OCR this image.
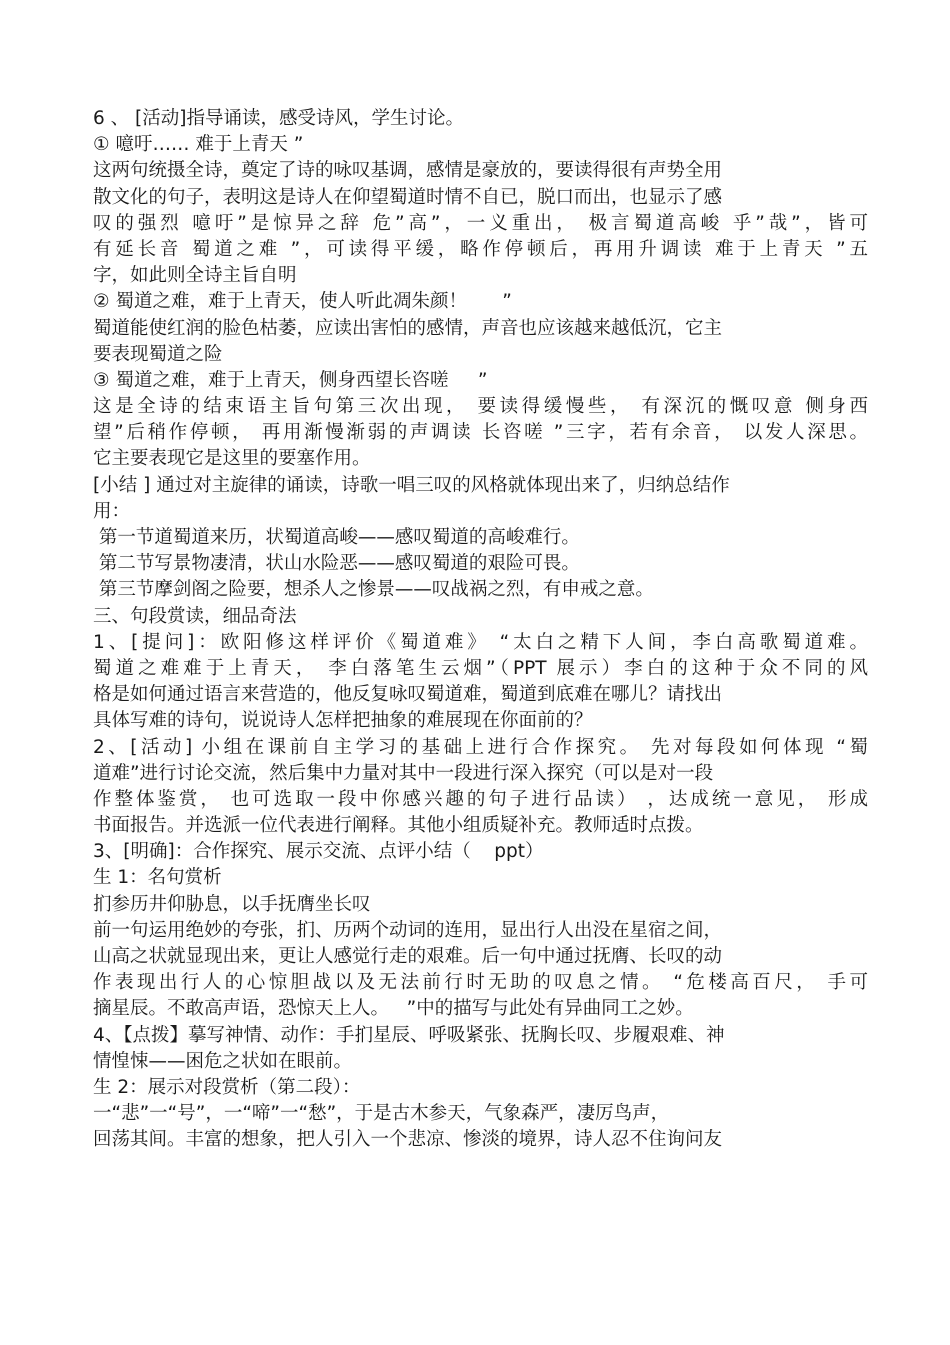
6 、 [活动]指导诵读，感受诗风，学生讨论。
① 噫吁…… 难于上青天 ”
这两句统摄全诗，奠定了诗的咏叹基调，感情是豪放的，要读得很有声势全用
散文化的句子，表明这是诗人在仰望蜀道时情不自已，脱口而出，也显示了感
叹的强烈 噫吁”是惊异之辞 危”高”，一义重出， 极言蜀道高峻 乎”哉”，皆可
有延长音 蜀道之难 ”，可读得平缓，略作停顿后，再用升调读 难于上青天 ”五
字，如此则全诗主旨自明
② 蜀道之难，难于上青天，使人听此凋朱颜！      ”
蜀道能使红润的脸色枯萎，应读出害怕的感情，声音也应该越来越低沉，它主
要表现蜀道之险
③ 蜀道之难，难于上青天，侧身西望长咨嗟     ”
这是全诗的结束语主旨句第三次出现， 要读得缓慢些， 有深沉的慨叹意 侧身西
望”后稍作停顿， 再用渐慢渐弱的声调读 长咨嗟 ”三字，若有余音， 以发人深思。
它主要表现它是这里的要塞作用。
[小结 ] 通过对主旋律的诵读，诗歌一唱三叹的风格就体现出来了，归纳总结作
用：
第一节道蜀道来历，状蜀道高峻——感叹蜀道的高峻难行。
第二节写景物凄清，状山水险恶——感叹蜀道的艰险可畏。
第三节摩剑阁之险要，想杀人之惨景——叹战祸之烈，有申戒之意。
三、句段赏读，细品奇法
1、[提问]：欧阳修这样评价《蜀道难》 “太白之精下人间，李白高歌蜀道难。
蜀道之难难于上青天， 李白落笔生云烟”（PPT 展示）李白的这种于众不同的风
格是如何通过语言来营造的，他反复咏叹蜀道难，蜀道到底难在哪儿？请找出
具体写难的诗句，说说诗人怎样把抽象的难展现在你面前的？
2、[活动] 小组在课前自主学习的基础上进行合作探究。 先对每段如何体现 “蜀
道难”进行讨论交流，然后集中力量对其中一段进行深入探究（可以是对一段
作整体鉴赏， 也可选取一段中你感兴趣的句子进行品读） ，达成统一意见， 形成
书面报告。并选派一位代表进行阐释。其他小组质疑补充。教师适时点拨。
3、[明确]：合作探究、展示交流、点评小结（    ppt）
生 1：名句赏析
扪参历井仰胁息，以手抚膺坐长叹
前一句运用绝妙的夸张，扪、历两个动词的连用，显出行人出没在星宿之间，
山高之状就显现出来，更让人感觉行走的艰难。后一句中通过抚膺、长叹的动
作表现出行人的心惊胆战以及无法前行时无助的叹息之情。 “危楼高百尺， 手可
摘星辰。不敢高声语，恐惊天上人。   ”中的描写与此处有异曲同工之妙。
4、【点拨】摹写神情、动作：手扪星辰、呼吸紧张、抚胸长叹、步履艰难、神
情惶悚——困危之状如在眼前。
生 2：展示对段赏析（第二段）：
一“悲”一“号”，一“啼”一“愁”，于是古木参天，气象森严，凄厉鸟声，
回荡其间。丰富的想象，把人引入一个悲凉、惨淡的境界，诗人忍不住询问友
